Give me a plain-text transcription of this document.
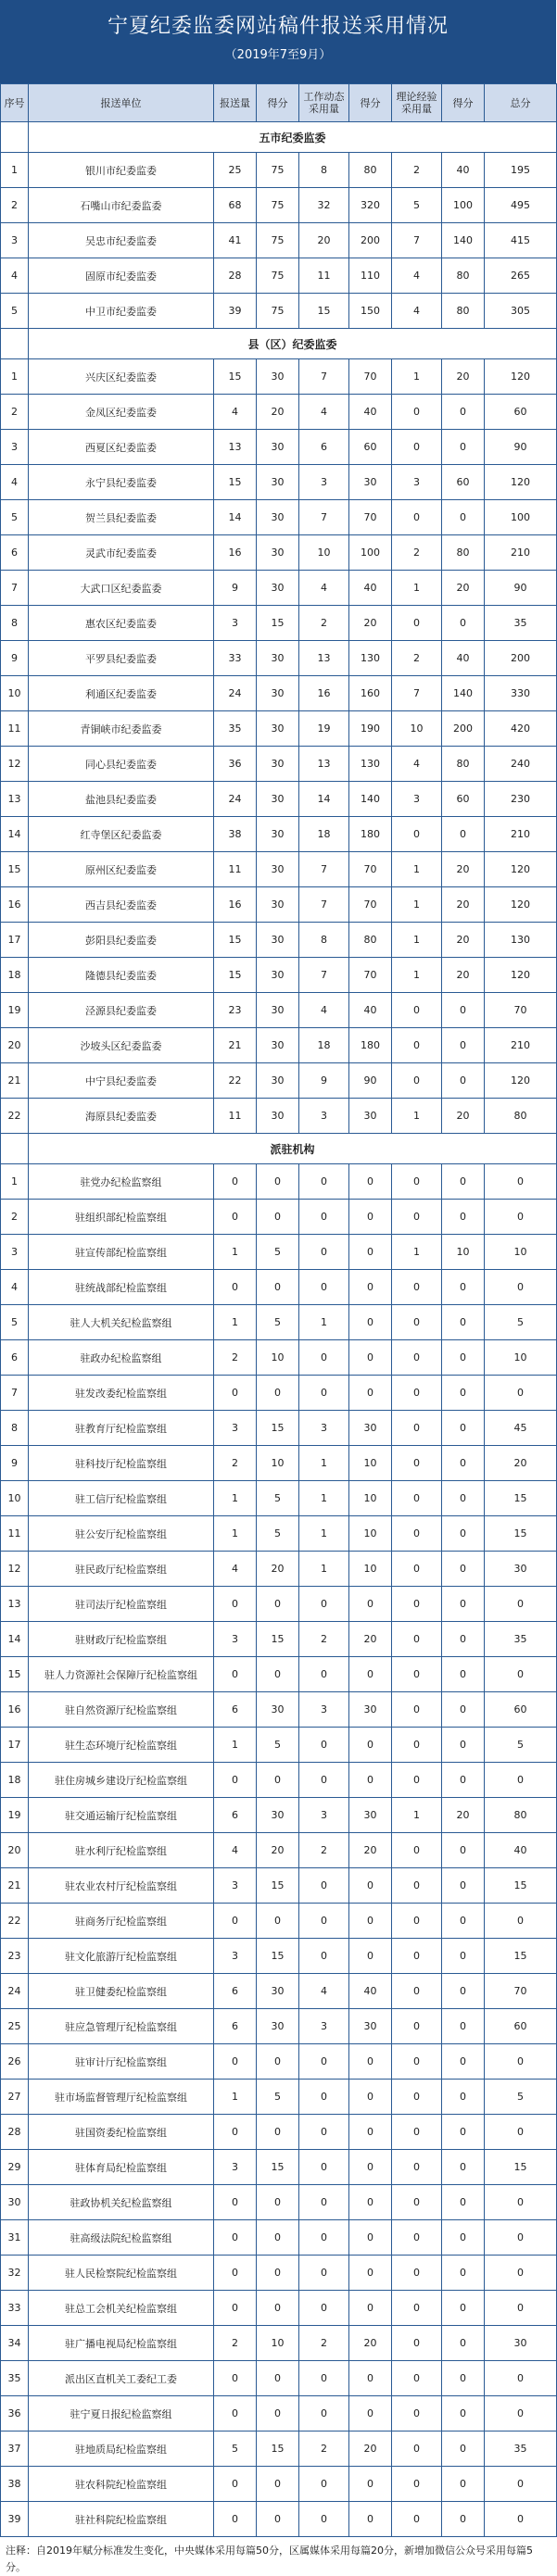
宁夏纪委监委网站稿件报送采用情况
（2019年7至9月）
序号	报送单位	报送量	得分	工作动态采用量	得分	理论经验采用量	得分	总分
	五市纪委监委							
1	银川市纪委监委	25	75	8	80	2	40	195
2	石嘴山市纪委监委	68	75	32	320	5	100	495
3	吴忠市纪委监委	41	75	20	200	7	140	415
4	固原市纪委监委	28	75	11	110	4	80	265
5	中卫市纪委监委	39	75	15	150	4	80	305
	县（区）纪委监委							
1	兴庆区纪委监委	15	30	7	70	1	20	120
2	金凤区纪委监委	4	20	4	40	0	0	60
3	西夏区纪委监委	13	30	6	60	0	0	90
4	永宁县纪委监委	15	30	3	30	3	60	120
5	贺兰县纪委监委	14	30	7	70	0	0	100
6	灵武市纪委监委	16	30	10	100	2	80	210
7	大武口区纪委监委	9	30	4	40	1	20	90
8	惠农区纪委监委	3	15	2	20	0	0	35
9	平罗县纪委监委	33	30	13	130	2	40	200
10	利通区纪委监委	24	30	16	160	7	140	330
11	青铜峡市纪委监委	35	30	19	190	10	200	420
12	同心县纪委监委	36	30	13	130	4	80	240
13	盐池县纪委监委	24	30	14	140	3	60	230
14	红寺堡区纪委监委	38	30	18	180	0	0	210
15	原州区纪委监委	11	30	7	70	1	20	120
16	西吉县纪委监委	16	30	7	70	1	20	120
17	彭阳县纪委监委	15	30	8	80	1	20	130
18	隆德县纪委监委	15	30	7	70	1	20	120
19	泾源县纪委监委	23	30	4	40	0	0	70
20	沙坡头区纪委监委	21	30	18	180	0	0	210
21	中宁县纪委监委	22	30	9	90	0	0	120
22	海原县纪委监委	11	30	3	30	1	20	80
	派驻机构							
1	驻党办纪检监察组	0	0	0	0	0	0	0
2	驻组织部纪检监察组	0	0	0	0	0	0	0
3	驻宣传部纪检监察组	1	5	0	0	1	10	10
4	驻统战部纪检监察组	0	0	0	0	0	0	0
5	驻人大机关纪检监察组	1	5	1	0	0	0	5
6	驻政办纪检监察组	2	10	0	0	0	0	10
7	驻发改委纪检监察组	0	0	0	0	0	0	0
8	驻教育厅纪检监察组	3	15	3	30	0	0	45
9	驻科技厅纪检监察组	2	10	1	10	0	0	20
10	驻工信厅纪检监察组	1	5	1	10	0	0	15
11	驻公安厅纪检监察组	1	5	1	10	0	0	15
12	驻民政厅纪检监察组	4	20	1	10	0	0	30
13	驻司法厅纪检监察组	0	0	0	0	0	0	0
14	驻财政厅纪检监察组	3	15	2	20	0	0	35
15	驻人力资源社会保障厅纪检监察组	0	0	0	0	0	0	0
16	驻自然资源厅纪检监察组	6	30	3	30	0	0	60
17	驻生态环境厅纪检监察组	1	5	0	0	0	0	5
18	驻住房城乡建设厅纪检监察组	0	0	0	0	0	0	0
19	驻交通运输厅纪检监察组	6	30	3	30	1	20	80
20	驻水利厅纪检监察组	4	20	2	20	0	0	40
21	驻农业农村厅纪检监察组	3	15	0	0	0	0	15
22	驻商务厅纪检监察组	0	0	0	0	0	0	0
23	驻文化旅游厅纪检监察组	3	15	0	0	0	0	15
24	驻卫健委纪检监察组	6	30	4	40	0	0	70
25	驻应急管理厅纪检监察组	6	30	3	30	0	0	60
26	驻审计厅纪检监察组	0	0	0	0	0	0	0
27	驻市场监督管理厅纪检监察组	1	5	0	0	0	0	5
28	驻国资委纪检监察组	0	0	0	0	0	0	0
29	驻体育局纪检监察组	3	15	0	0	0	0	15
30	驻政协机关纪检监察组	0	0	0	0	0	0	0
31	驻高级法院纪检监察组	0	0	0	0	0	0	0
32	驻人民检察院纪检监察组	0	0	0	0	0	0	0
33	驻总工会机关纪检监察组	0	0	0	0	0	0	0
34	驻广播电视局纪检监察组	2	10	2	20	0	0	30
35	派出区直机关工委纪工委	0	0	0	0	0	0	0
36	驻宁夏日报纪检监察组	0	0	0	0	0	0	0
37	驻地质局纪检监察组	5	15	2	20	0	0	35
38	驻农科院纪检监察组	0	0	0	0	0	0	0
39	驻社科院纪检监察组	0	0	0	0	0	0	0
注释：自2019年赋分标准发生变化，中央媒体采用每篇50分，区属媒体采用每篇20分，新增加微信公众号采用每篇5分。
